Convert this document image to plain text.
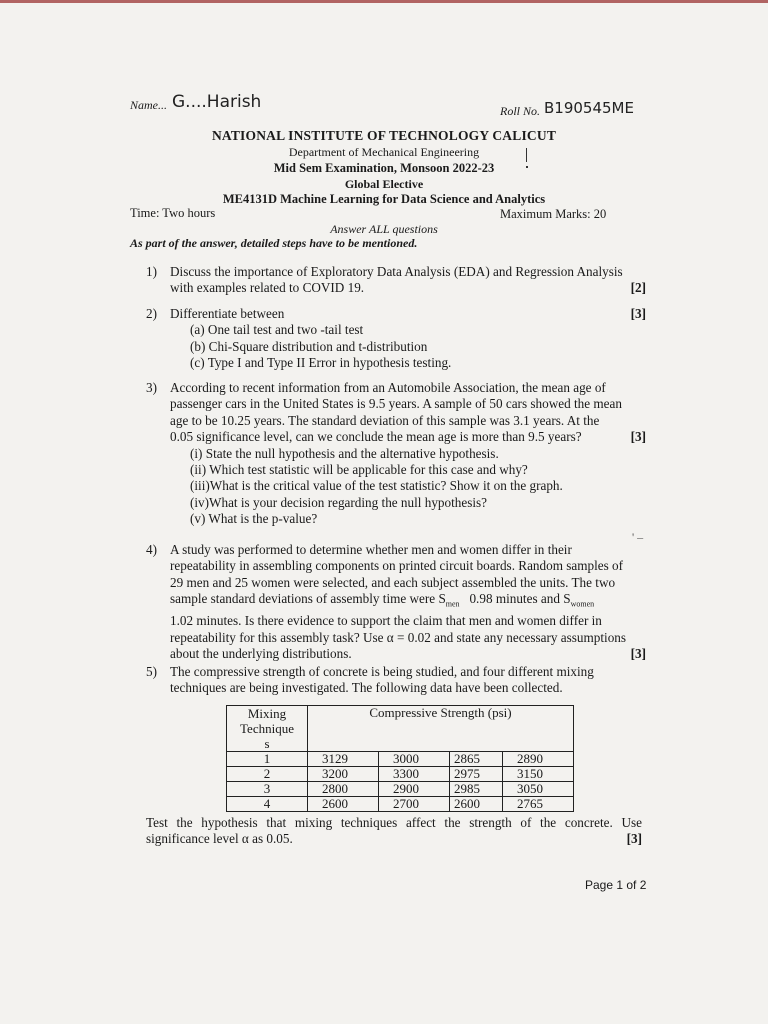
Name... G....Harish	Roll No. B190545ME
NATIONAL INSTITUTE OF TECHNOLOGY CALICUT
Department of Mechanical Engineering
Mid Sem Examination, Monsoon 2022-23
Global Elective
ME4131D Machine Learning for Data Science and Analytics
Time: Two hours	Maximum Marks: 20
Answer ALL questions
As part of the answer, detailed steps have to be mentioned.
1) Discuss the importance of Exploratory Data Analysis (EDA) and Regression Analysis
with examples related to COVID 19.	[2]
2) Differentiate between	[3]
(a) One tail test and two -tail test
(b) Chi-Square distribution and t-distribution
(c) Type I and Type II Error in hypothesis testing.
3) According to recent information from an Automobile Association, the mean age of
passenger cars in the United States is 9.5 years. A sample of 50 cars showed the mean
age to be 10.25 years. The standard deviation of this sample was 3.1 years. At the
0.05 significance level, can we conclude the mean age is more than 9.5 years?	[3]
(i) State the null hypothesis and the alternative hypothesis.
(ii) Which test statistic will be applicable for this case and why?
(iii)What is the critical value of the test statistic? Show it on the graph.
(iv)What is your decision regarding the null hypothesis?
(v) What is the p-value?
' –
4) A study was performed to determine whether men and women differ in their
repeatability in assembling components on printed circuit boards. Random samples of
29 men and 25 women were selected, and each subject assembled the units. The two
sample standard deviations of assembly time were $S_{men}$   0.98 minutes and $S_{women}$
1.02 minutes. Is there evidence to support the claim that men and women differ in
repeatability for this assembly task? Use α = 0.02 and state any necessary assumptions
about the underlying distributions.	[3]
5) The compressive strength of concrete is being studied, and four different mixing
techniques are being investigated. The following data have been collected.
Mixing
Technique
s	Compressive Strength (psi)			

1	3129	3000	2865	2890
2	3200	3300	2975	3150
3	2800	2900	2985	3050
4	2600	2700	2600	2765
Test the hypothesis that mixing techniques affect the strength of the concrete. Use
significance level α as 0.05.	[3]
Page 1 of 2
